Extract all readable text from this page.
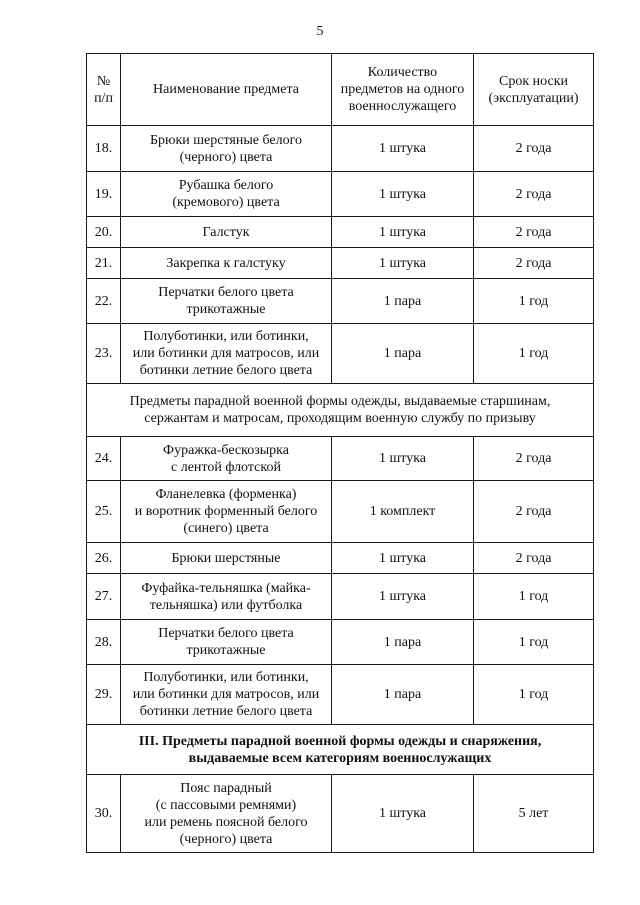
5
№
п/п	Наименование предмета	Количество
предметов на одного
военнослужащего	Срок носки
(эксплуатации)
18.	Брюки шерстяные белого
(черного) цвета	1 штука	2 года
19.	Рубашка белого
(кремового) цвета	1 штука	2 года
20.	Галстук	1 штука	2 года
21.	Закрепка к галстуку	1 штука	2 года
22.	Перчатки белого цвета
трикотажные	1 пара	1 год
23.	Полуботинки, или ботинки,
или ботинки для матросов, или
ботинки летние белого цвета	1 пара	1 год
Предметы парадной военной формы одежды, выдаваемые старшинам,
сержантам и матросам, проходящим военную службу по призыву			
24.	Фуражка-бескозырка
с лентой флотской	1 штука	2 года
25.	Фланелевка (форменка)
и воротник форменный белого
(синего) цвета	1 комплект	2 года
26.	Брюки шерстяные	1 штука	2 года
27.	Фуфайка-тельняшка (майка-
тельняшка) или футболка	1 штука	1 год
28.	Перчатки белого цвета
трикотажные	1 пара	1 год
29.	Полуботинки, или ботинки,
или ботинки для матросов, или
ботинки летние белого цвета	1 пара	1 год
III. Предметы парадной военной формы одежды и снаряжения,
выдаваемые всем категориям военнослужащих			
30.	Пояс парадный
(с пассовыми ремнями)
или ремень поясной белого
(черного) цвета	1 штука	5 лет
